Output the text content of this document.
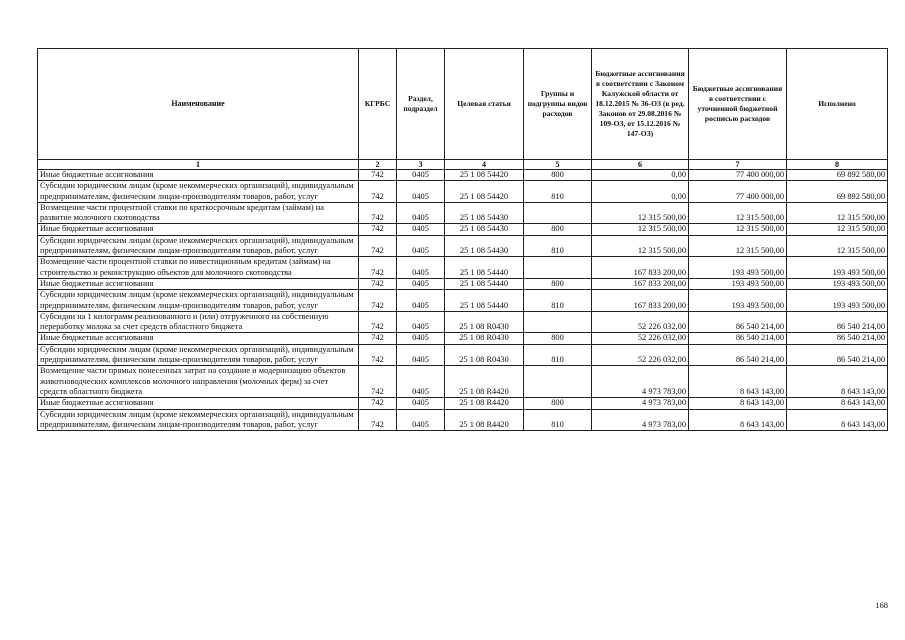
Наименование	КГРБС	Раздел, подраздел	Целевая статья	Группы и подгруппы видов расходов	Бюджетные ассигнования в соответствии с Законом Калужской области от 18.12.2015 № 36-ОЗ (в ред. Законов от 29.08.2016 № 109-ОЗ, от 15.12.2016 № 147-ОЗ)	Бюджетные ассигнования в соответствии с уточненной бюджетной росписью расходов	Исполнено
1	2	3	4	5	6	7	8
Иные бюджетные ассигнования	742	0405	25 1 08 54420	800	0,00	77 400 000,00	69 892 580,00
Субсидии юридическим лицам (кроме некоммерческих организаций), индивидуальным предпринимателям, физическим лицам-производителям товаров, работ, услуг	742	0405	25 1 08 54420	810	0,00	77 400 000,00	69 892 580,00
Возмещение части процентной ставки по краткосрочным кредитам (займам) на развитие молочного скотоводства	742	0405	25 1 08 54430		12 315 500,00	12 315 500,00	12 315 500,00
Иные бюджетные ассигнования	742	0405	25 1 08 54430	800	12 315 500,00	12 315 500,00	12 315 500,00
Субсидии юридическим лицам (кроме некоммерческих организаций), индивидуальным предпринимателям, физическим лицам-производителям товаров, работ, услуг	742	0405	25 1 08 54430	810	12 315 500,00	12 315 500,00	12 315 500,00
Возмещение части процентной ставки по инвестиционным кредитам (займам) на строительство и реконструкцию объектов для молочного скотоводства	742	0405	25 1 08 54440		167 833 200,00	193 493 500,00	193 493 500,00
Иные бюджетные ассигнования	742	0405	25 1 08 54440	800	167 833 200,00	193 493 500,00	193 493 500,00
Субсидии юридическим лицам (кроме некоммерческих организаций), индивидуальным предпринимателям, физическим лицам-производителям товаров, работ, услуг	742	0405	25 1 08 54440	810	167 833 200,00	193 493 500,00	193 493 500,00
Субсидии на 1 килограмм реализованного и (или) отгруженного на собственную переработку молока за счет средств областного бюджета	742	0405	25 1 08 R0430		52 226 032,00	86 540 214,00	86 540 214,00
Иные бюджетные ассигнования	742	0405	25 1 08 R0430	800	52 226 032,00	86 540 214,00	86 540 214,00
Субсидии юридическим лицам (кроме некоммерческих организаций), индивидуальным предпринимателям, физическим лицам-производителям товаров, работ, услуг	742	0405	25 1 08 R0430	810	52 226 032,00	86 540 214,00	86 540 214,00
Возмещение части прямых понесенных затрат на создание и модернизацию объектов животноводческих комплексов молочного направления (молочных ферм) за счет средств областного бюджета	742	0405	25 1 08 R4420		4 973 783,00	8 643 143,00	8 643 143,00
Иные бюджетные ассигнования	742	0405	25 1 08 R4420	800	4 973 783,00	8 643 143,00	8 643 143,00
Субсидии юридическим лицам (кроме некоммерческих организаций), индивидуальным предпринимателям, физическим лицам-производителям товаров, работ, услуг	742	0405	25 1 08 R4420	810	4 973 783,00	8 643 143,00	8 643 143,00
168
